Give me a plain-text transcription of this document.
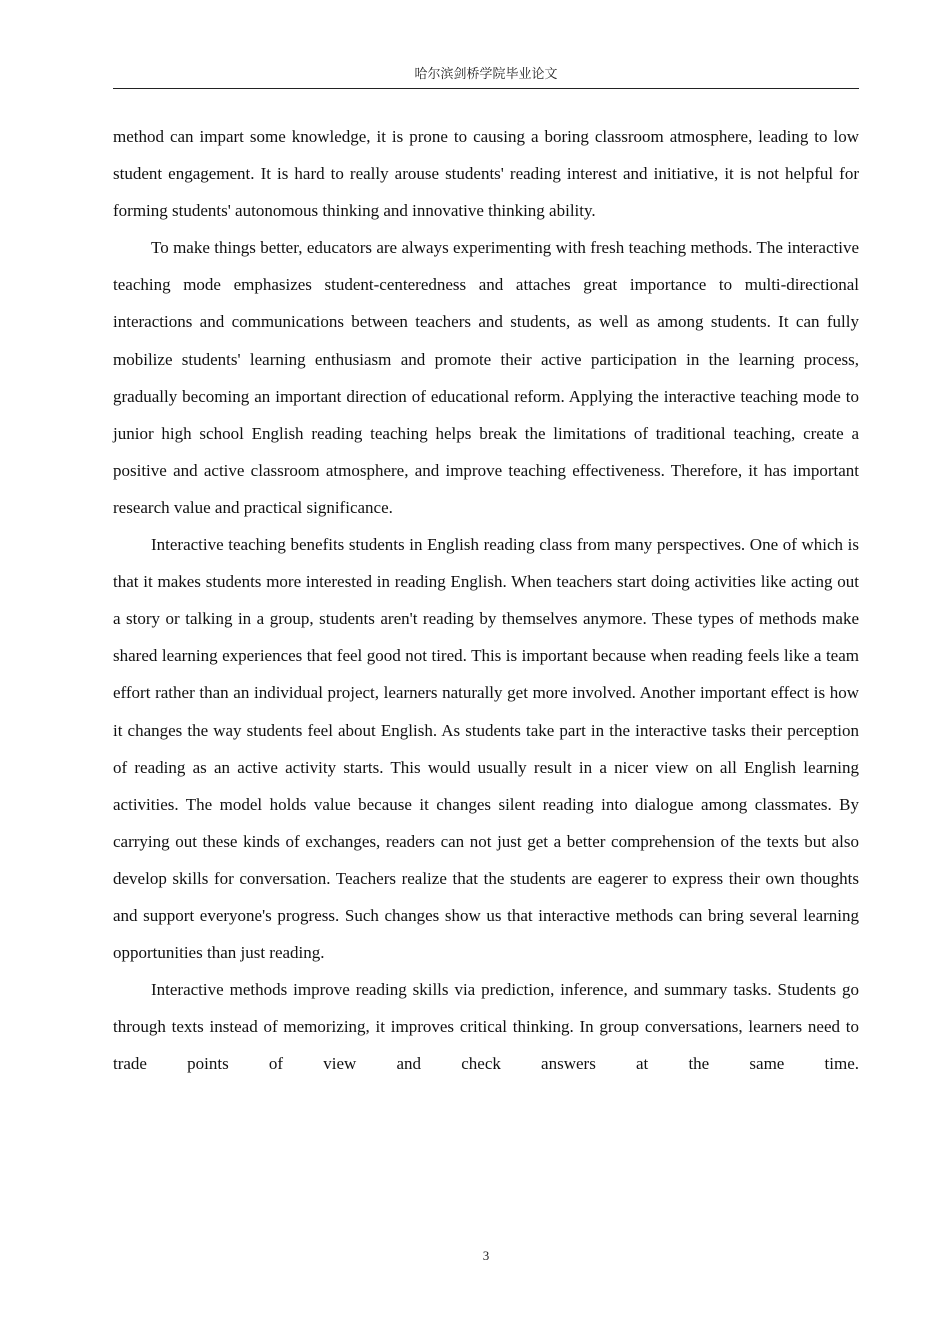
哈尔滨剑桥学院毕业论文

method can impart some knowledge, it is prone to causing a boring classroom atmosphere, leading to low student engagement. It is hard to really arouse students' reading interest and initiative, it is not helpful for forming students' autonomous thinking and innovative thinking ability.

To make things better, educators are always experimenting with fresh teaching methods. The interactive teaching mode emphasizes student-centeredness and attaches great importance to multi-directional interactions and communications between teachers and students, as well as among students. It can fully mobilize students' learning enthusiasm and promote their active participation in the learning process, gradually becoming an important direction of educational reform. Applying the interactive teaching mode to junior high school English reading teaching helps break the limitations of traditional teaching, create a positive and active classroom atmosphere, and improve teaching effectiveness. Therefore, it has important research value and practical significance.

Interactive teaching benefits students in English reading class from many perspectives. One of which is that it makes students more interested in reading English. When teachers start doing activities like acting out a story or talking in a group, students aren't reading by themselves anymore. These types of methods make shared learning experiences that feel good not tired. This is important because when reading feels like a team effort rather than an individual project, learners naturally get more involved. Another important effect is how it changes the way students feel about English. As students take part in the interactive tasks their perception of reading as an active activity starts. This would usually result in a nicer view on all English learning activities. The model holds value because it changes silent reading into dialogue among classmates. By carrying out these kinds of exchanges, readers can not just get a better comprehension of the texts but also develop skills for conversation. Teachers realize that the students are eagerer to express their own thoughts and support everyone's progress. Such changes show us that interactive methods can bring several learning opportunities than just reading.

Interactive methods improve reading skills via prediction, inference, and summary tasks. Students go through texts instead of memorizing, it improves critical thinking. In group conversations, learners need to trade points of view and check answers at the same time.

3
